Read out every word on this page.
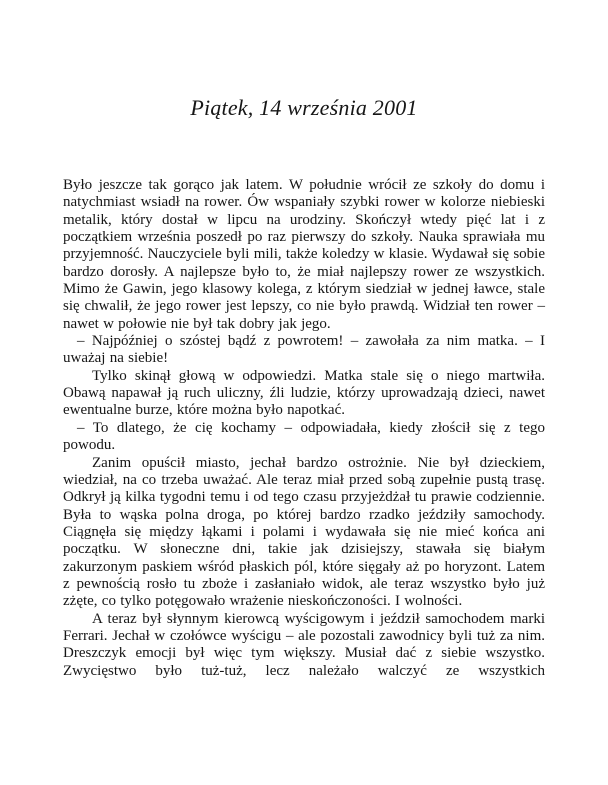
Piątek, 14 września 2001

Było jeszcze tak gorąco jak latem. W południe wrócił ze szkoły do domu i natychmiast wsiadł na rower. Ów wspaniały szybki rower w kolorze niebieski metalik, który dostał w lipcu na urodziny. Skończył wtedy pięć lat i z początkiem września poszedł po raz pierwszy do szkoły. Nauka sprawiała mu przyjemność. Nauczyciele byli mili, także koledzy w klasie. Wydawał się sobie bardzo dorosły. A najlepsze było to, że miał najlepszy rower ze wszystkich. Mimo że Gawin, jego klasowy kolega, z którym siedział w jednej ławce, stale się chwalił, że jego rower jest lepszy, co nie było prawdą. Widział ten rower – nawet w połowie nie był tak dobry jak jego.

– Najpóźniej o szóstej bądź z powrotem! – zawołała za nim matka. – I uważaj na siebie!

Tylko skinął głową w odpowiedzi. Matka stale się o niego martwiła. Obawą napawał ją ruch uliczny, źli ludzie, którzy uprowadzają dzieci, nawet ewentualne burze, które można było napotkać.

– To dlatego, że cię kochamy – odpowiadała, kiedy złościł się z tego powodu.

Zanim opuścił miasto, jechał bardzo ostrożnie. Nie był dzieckiem, wiedział, na co trzeba uważać. Ale teraz miał przed sobą zupełnie pustą trasę. Odkrył ją kilka tygodni temu i od tego czasu przyjeżdżał tu prawie codziennie. Była to wąska polna droga, po której bardzo rzadko jeździły samochody. Ciągnęła się między łąkami i polami i wydawała się nie mieć końca ani początku. W słoneczne dni, takie jak dzisiejszy, stawała się białym zakurzonym paskiem wśród płaskich pól, które sięgały aż po horyzont. Latem z pewnością rosło tu zboże i zasłaniało widok, ale teraz wszystko było już zżęte, co tylko potęgowało wrażenie nieskończoności. I wolności.

A teraz był słynnym kierowcą wyścigowym i jeździł samochodem marki Ferrari. Jechał w czołówce wyścigu – ale pozostali zawodnicy byli tuż za nim. Dreszczyk emocji był więc tym większy. Musiał dać z siebie wszystko. Zwycięstwo było tuż-tuż, lecz należało walczyć ze wszystkich
